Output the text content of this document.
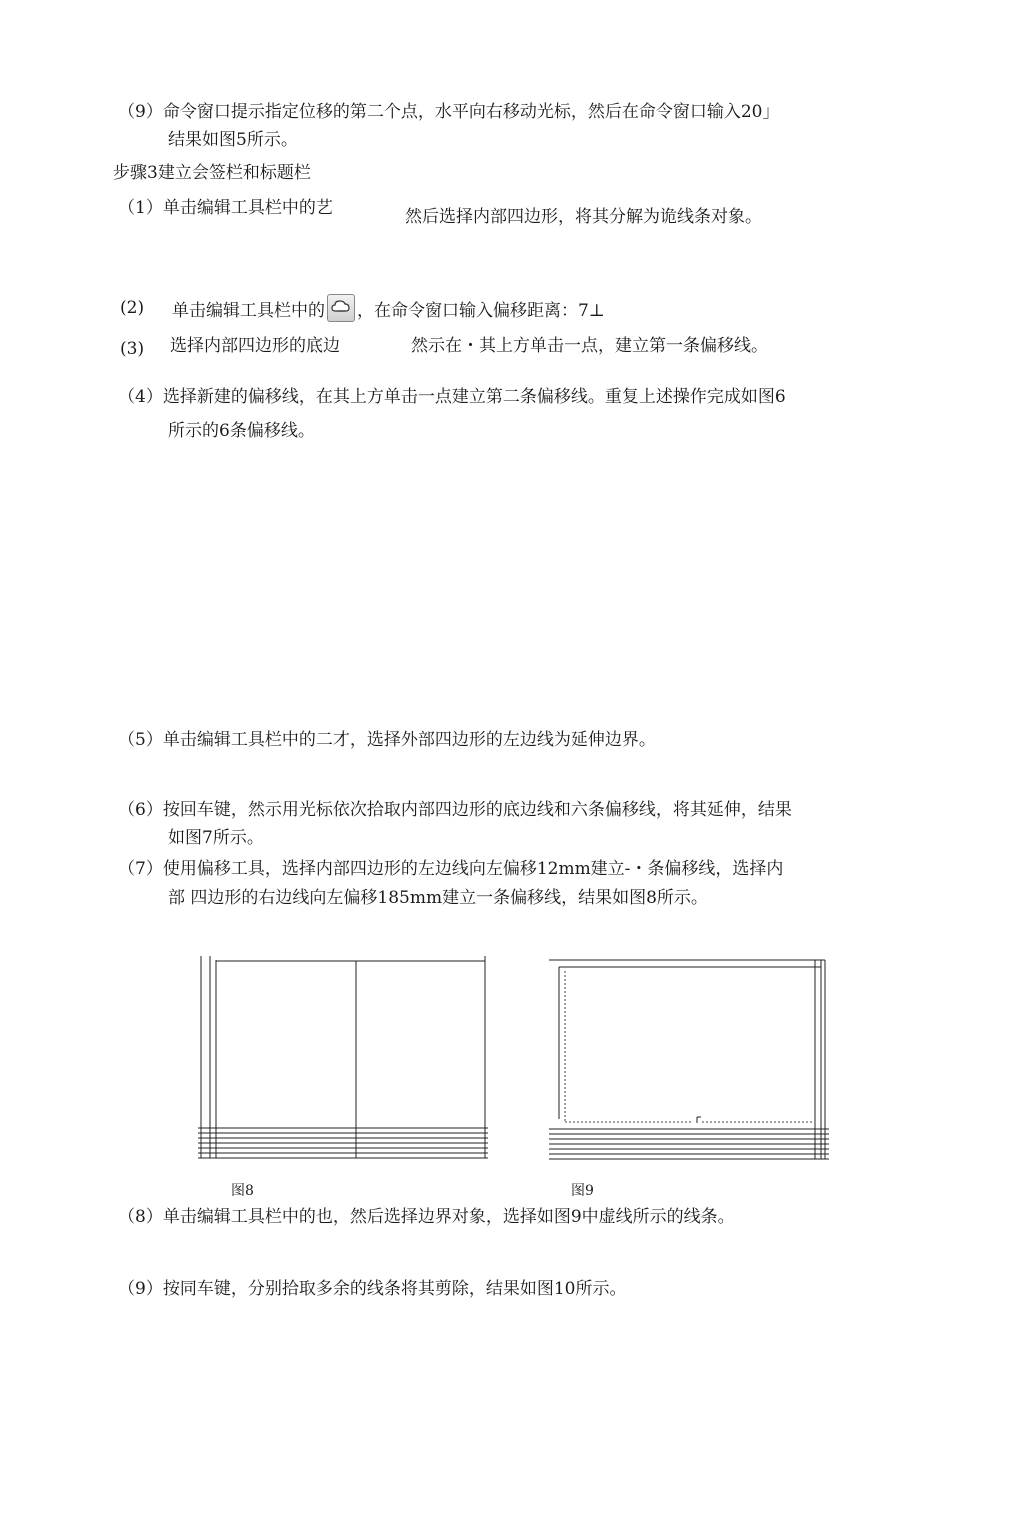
（9）命令窗口提示指定位移的第二个点，水平向右移动光标，然后在命令窗口输入20」
结果如图5所示。
步骤3建立会签栏和标题栏
（1）单击编辑工具栏中的艺	然后选择内部四边形，将其分解为诡线条对象。
(2) 单击编辑工具栏中的 ，在命令窗口输入偏移距离：7⊥
(3) 选择内部四边形的底边	然示在・其上方单击一点，建立第一条偏移线。
（4）选择新建的偏移线，在其上方单击一点建立第二条偏移线。重复上述操作完成如图6
所示的6条偏移线。
（5）单击编辑工具栏中的二才，选择外部四边形的左边线为延伸边界。
（6）按回车键，然示用光标依次拾取内部四边形的底边线和六条偏移线，将其延伸，结果
如图7所示。
（7）使用偏移工具，选择内部四边形的左边线向左偏移12mm建立-・条偏移线，选择内
部 四边形的右边线向左偏移185mm建立一条偏移线，结果如图8所示。
图8	图9
（8）单击编辑工具栏中的也，然后选择边界对象，选择如图9中虚线所示的线条。
（9）按同车键，分别拾取多余的线条将其剪除，结果如图10所示。
